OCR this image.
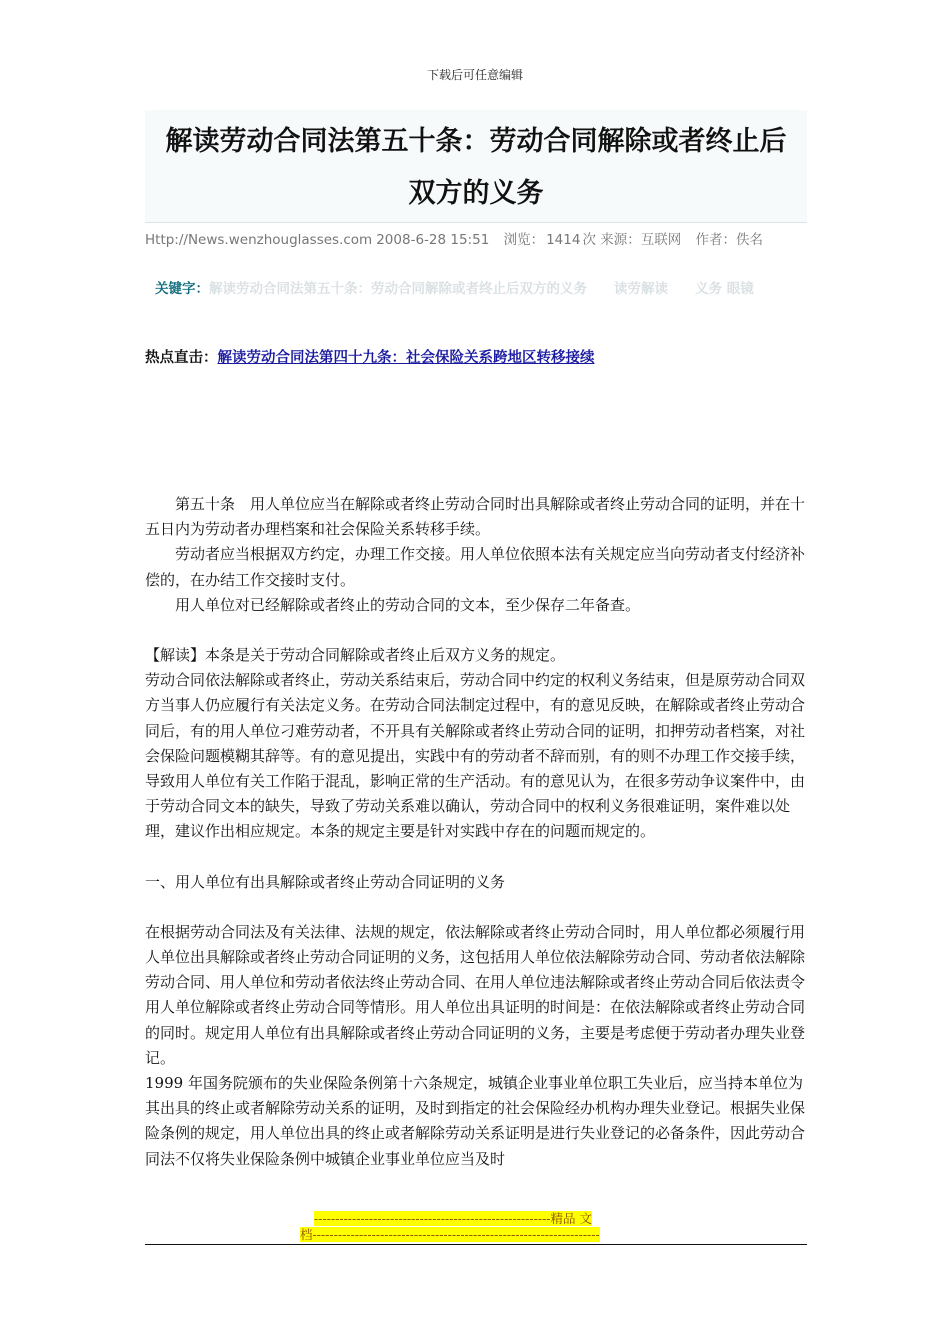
下载后可任意编辑
解读劳动合同法第五十条：劳动合同解除或者终止后
双方的义务
Http://News.wenzhouglasses.com 2008-6-28 15:51 浏览： 1414 次 来源：互联网 作者：佚名
关键字：解读劳动合同法第五十条：劳动合同解除或者终止后双方的义务　　读劳解读　　义务 眼镜
热点直击：解读劳动合同法第四十九条：社会保险关系跨地区转移接续

第五十条　用人单位应当在解除或者终止劳动合同时出具解除或者终止劳动合同的证明，并在十五日内为劳动者办理档案和社会保险关系转移手续。

劳动者应当根据双方约定，办理工作交接。用人单位依照本法有关规定应当向劳动者支付经济补偿的，在办结工作交接时支付。

用人单位对已经解除或者终止的劳动合同的文本，至少保存二年备查。

【解读】本条是关于劳动合同解除或者终止后双方义务的规定。

劳动合同依法解除或者终止，劳动关系结束后，劳动合同中约定的权利义务结束，但是原劳动合同双方当事人仍应履行有关法定义务。在劳动合同法制定过程中，有的意见反映，在解除或者终止劳动合同后，有的用人单位刁难劳动者，不开具有关解除或者终止劳动合同的证明，扣押劳动者档案，对社会保险问题模糊其辞等。有的意见提出，实践中有的劳动者不辞而别，有的则不办理工作交接手续，导致用人单位有关工作陷于混乱，影响正常的生产活动。有的意见认为，在很多劳动争议案件中，由于劳动合同文本的缺失，导致了劳动关系难以确认，劳动合同中的权利义务很难证明，案件难以处理，建议作出相应规定。本条的规定主要是针对实践中存在的问题而规定的。

一、用人单位有出具解除或者终止劳动合同证明的义务

在根据劳动合同法及有关法律、法规的规定，依法解除或者终止劳动合同时，用人单位都必须履行用人单位出具解除或者终止劳动合同证明的义务，这包括用人单位依法解除劳动合同、劳动者依法解除劳动合同、用人单位和劳动者依法终止劳动合同、在用人单位违法解除或者终止劳动合同后依法责令用人单位解除或者终止劳动合同等情形。用人单位出具证明的时间是：在依法解除或者终止劳动合同的同时。规定用人单位有出具解除或者终止劳动合同证明的义务，主要是考虑便于劳动者办理失业登记。

1999 年国务院颁布的失业保险条例第十六条规定，城镇企业事业单位职工失业后，应当持本单位为其出具的终止或者解除劳动关系的证明，及时到指定的社会保险经办机构办理失业登记。根据失业保险条例的规定，用人单位出具的终止或者解除劳动关系证明是进行失业登记的必备条件，因此劳动合同法不仅将失业保险条例中城镇企业事业单位应当及时

--------------------------------------------------------精品 文
档--------------------------------------------------------------------
